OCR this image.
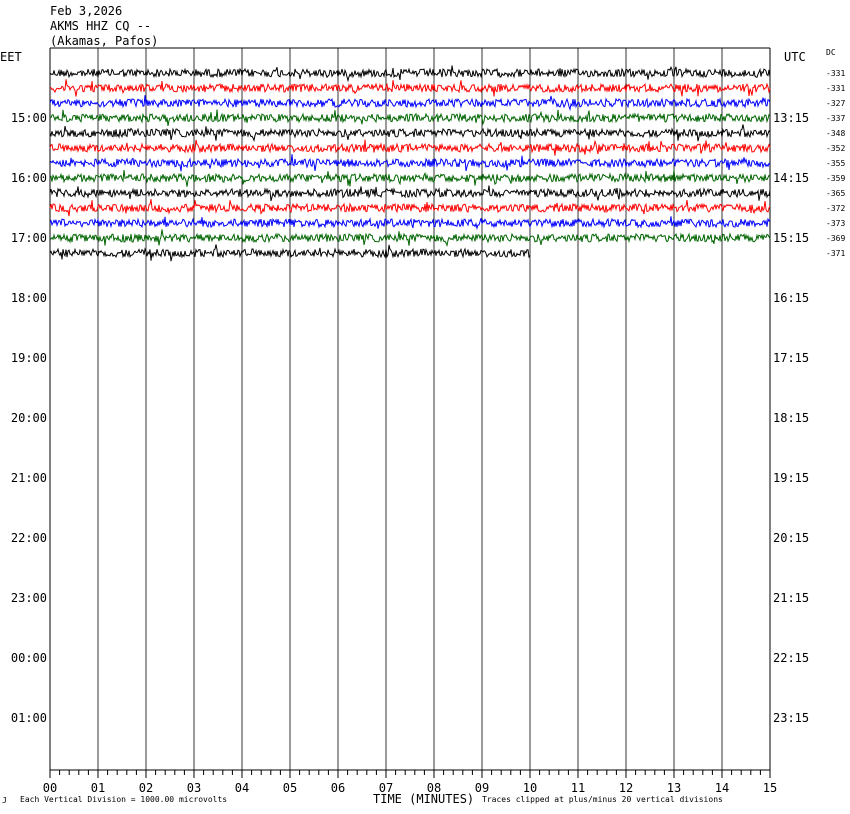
Feb 3,2026
AKMS HHZ CQ --
(Akamas, Pafos)
EET	UTC	DC
00	01	02	03	04	05	06	07	08	09	10	11	12	13	14	15
15:00
16:00
17:00
18:00
19:00
20:00
21:00
22:00
23:00
00:00
01:00
13:15
14:15
15:15
16:15
17:15
18:15
19:15
20:15
21:15
22:15
23:15
-331
-331
-327
-337
-348
-352
-355
-359
-365
-372
-373
-369
-371
J Each Vertical Division = 1000.00 microvolts	TIME (MINUTES) Traces clipped at plus/minus 20 vertical divisions
